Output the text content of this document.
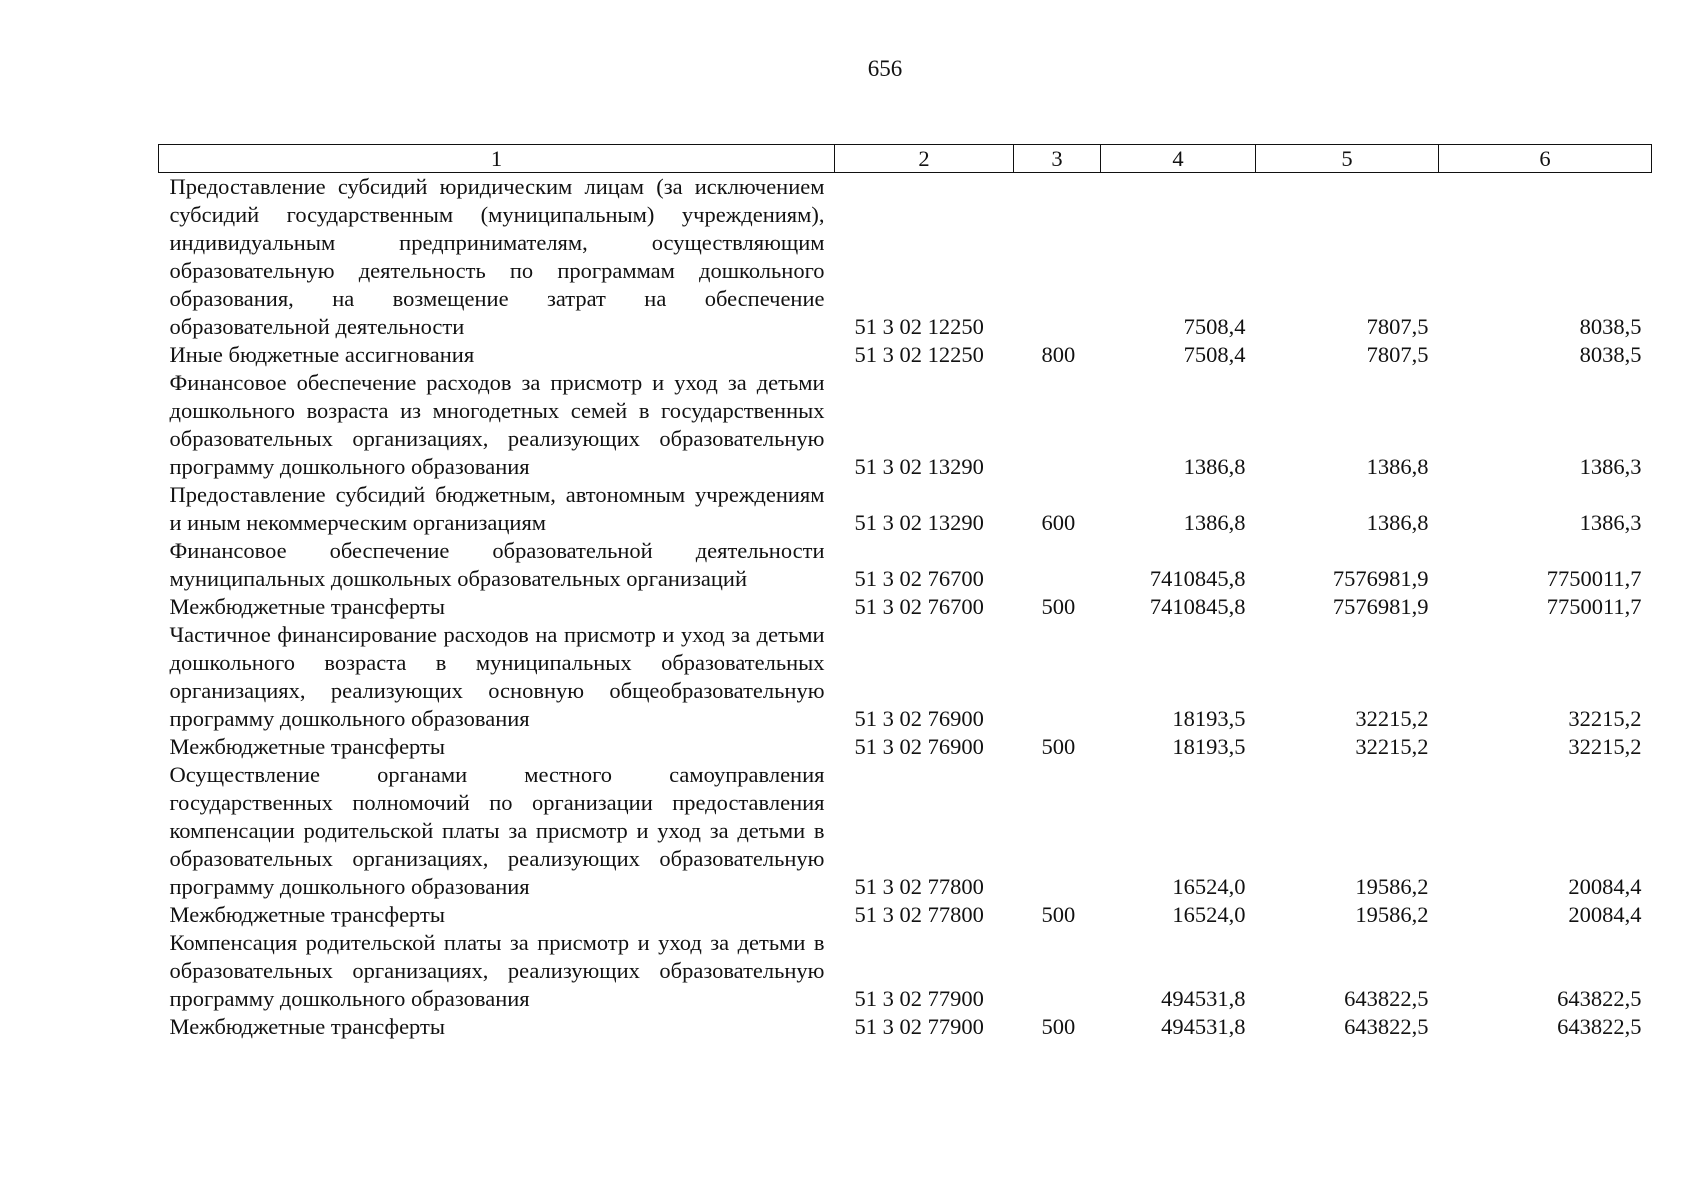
656
1	2	3	4	5	6
Предоставление субсидий юридическим лицам (за исключением субсидий государственным (муниципальным) учреждениям), индивидуальным предпринимателям, осуществляющим образовательную деятельность по программам дошкольного образования, на возмещение затрат на обеспечение образовательной деятельности	51 3 02 12250		7508,4	7807,5	8038,5
Иные бюджетные ассигнования	51 3 02 12250	800	7508,4	7807,5	8038,5
Финансовое обеспечение расходов за присмотр и уход за детьми дошкольного возраста из многодетных семей в государственных образовательных организациях, реализующих образовательную программу дошкольного образования	51 3 02 13290		1386,8	1386,8	1386,3
Предоставление субсидий бюджетным, автономным учреждениям и иным некоммерческим организациям	51 3 02 13290	600	1386,8	1386,8	1386,3
Финансовое обеспечение образовательной деятельности муниципальных дошкольных образовательных организаций	51 3 02 76700		7410845,8	7576981,9	7750011,7
Межбюджетные трансферты	51 3 02 76700	500	7410845,8	7576981,9	7750011,7
Частичное финансирование расходов на присмотр и уход за детьми дошкольного возраста в муниципальных образовательных организациях, реализующих основную общеобразовательную программу дошкольного образования	51 3 02 76900		18193,5	32215,2	32215,2
Межбюджетные трансферты	51 3 02 76900	500	18193,5	32215,2	32215,2
Осуществление органами местного самоуправления государственных полномочий по организации предоставления компенсации родительской платы за присмотр и уход за детьми в образовательных организациях, реализующих образовательную программу дошкольного образования	51 3 02 77800		16524,0	19586,2	20084,4
Межбюджетные трансферты	51 3 02 77800	500	16524,0	19586,2	20084,4
Компенсация родительской платы за присмотр и уход за детьми в образовательных организациях, реализующих образовательную программу дошкольного образования	51 3 02 77900		494531,8	643822,5	643822,5
Межбюджетные трансферты	51 3 02 77900	500	494531,8	643822,5	643822,5
